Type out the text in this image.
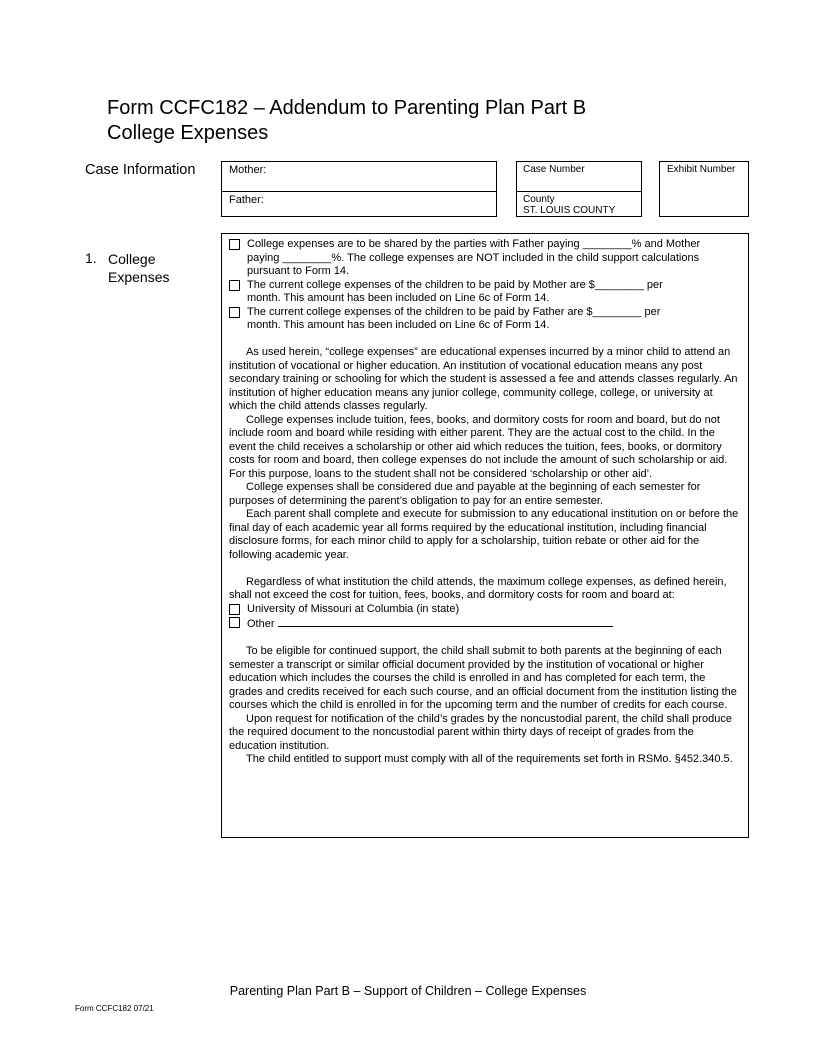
Form CCFC182 – Addendum to Parenting Plan Part B
College Expenses
Case Information	Mother:
Father:
Case Number
County
ST. LOUIS COUNTY
Exhibit Number
1. College
Expenses
College expenses are to be shared by the parties with Father paying ________% and Mother
paying ________%. The college expenses are NOT included in the child support calculations
pursuant to Form 14.
The current college expenses of the children to be paid by Mother are $________ per
month. This amount has been included on Line 6c of Form 14.
The current college expenses of the children to be paid by Father are $________ per
month. This amount has been included on Line 6c of Form 14.

As used herein, “college expenses” are educational expenses incurred by a minor child to attend an institution of vocational or higher education. An institution of vocational education means any post secondary training or schooling for which the student is assessed a fee and attends classes regularly. An institution of higher education means any junior college, community college, college, or university at which the child attends classes regularly.

College expenses include tuition, fees, books, and dormitory costs for room and board, but do not include room and board while residing with either parent. They are the actual cost to the child. In the event the child receives a scholarship or other aid which reduces the tuition, fees, books, or dormitory costs for room and board, then college expenses do not include the amount of such scholarship or aid. For this purpose, loans to the student shall not be considered ‘scholarship or other aid’.

College expenses shall be considered due and payable at the beginning of each semester for purposes of determining the parent’s obligation to pay for an entire semester.

Each parent shall complete and execute for submission to any educational institution on or before the final day of each academic year all forms required by the educational institution, including financial disclosure forms, for each minor child to apply for a scholarship, tuition rebate or other aid for the following academic year.

Regardless of what institution the child attends, the maximum college expenses, as defined herein, shall not exceed the cost for tuition, fees, books, and dormitory costs for room and board at:

University of Missouri at Columbia (in state)
Other

To be eligible for continued support, the child shall submit to both parents at the beginning of each semester a transcript or similar official document provided by the institution of vocational or higher education which includes the courses the child is enrolled in and has completed for each term, the grades and credits received for each such course, and an official document from the institution listing the courses which the child is enrolled in for the upcoming term and the number of credits for each course.

Upon request for notification of the child’s grades by the noncustodial parent, the child shall produce the required document to the noncustodial parent within thirty days of receipt of grades from the education institution.

The child entitled to support must comply with all of the requirements set forth in RSMo. §452.340.5.

Parenting Plan Part B – Support of Children – College Expenses
Form CCFC182 07/21
